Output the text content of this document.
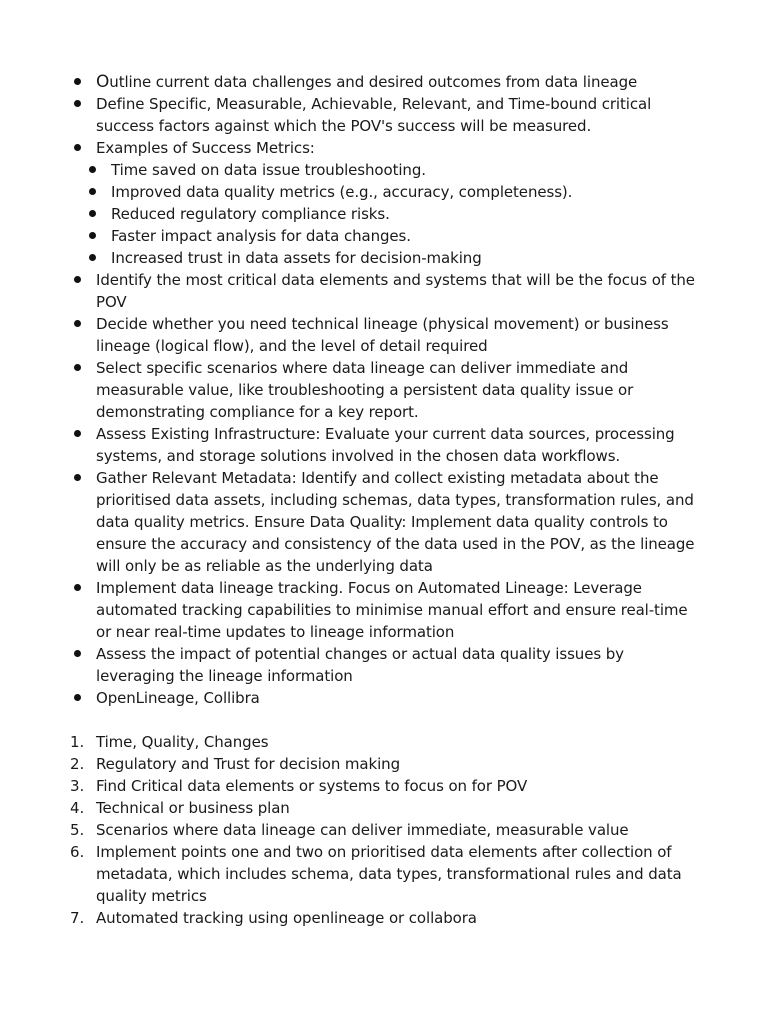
Outline current data challenges and desired outcomes from data lineage
Define Specific, Measurable, Achievable, Relevant, and Time-bound critical success factors against which the POV's success will be measured.
Examples of Success Metrics:
Time saved on data issue troubleshooting.
Improved data quality metrics (e.g., accuracy, completeness).
Reduced regulatory compliance risks.
Faster impact analysis for data changes.
Increased trust in data assets for decision-making
Identify the most critical data elements and systems that will be the focus of the POV
Decide whether you need technical lineage (physical movement) or business lineage (logical flow), and the level of detail required
Select specific scenarios where data lineage can deliver immediate and measurable value, like troubleshooting a persistent data quality issue or demonstrating compliance for a key report.
Assess Existing Infrastructure: Evaluate your current data sources, processing systems, and storage solutions involved in the chosen data workflows.
Gather Relevant Metadata: Identify and collect existing metadata about the prioritised data assets, including schemas, data types, transformation rules, and data quality metrics. Ensure Data Quality: Implement data quality controls to ensure the accuracy and consistency of the data used in the POV, as the lineage will only be as reliable as the underlying data
Implement data lineage tracking. Focus on Automated Lineage: Leverage automated tracking capabilities to minimise manual effort and ensure real-time or near real-time updates to lineage information
Assess the impact of potential changes or actual data quality issues by leveraging the lineage information
OpenLineage, Collibra
1. Time, Quality, Changes
2. Regulatory and Trust for decision making
3. Find Critical data elements or systems to focus on for POV
4. Technical or business plan
5. Scenarios where data lineage can deliver immediate, measurable value
6. Implement points one and two on prioritised data elements after collection of metadata, which includes schema, data types, transformational rules and data quality metrics
7. Automated tracking using openlineage or collabora
